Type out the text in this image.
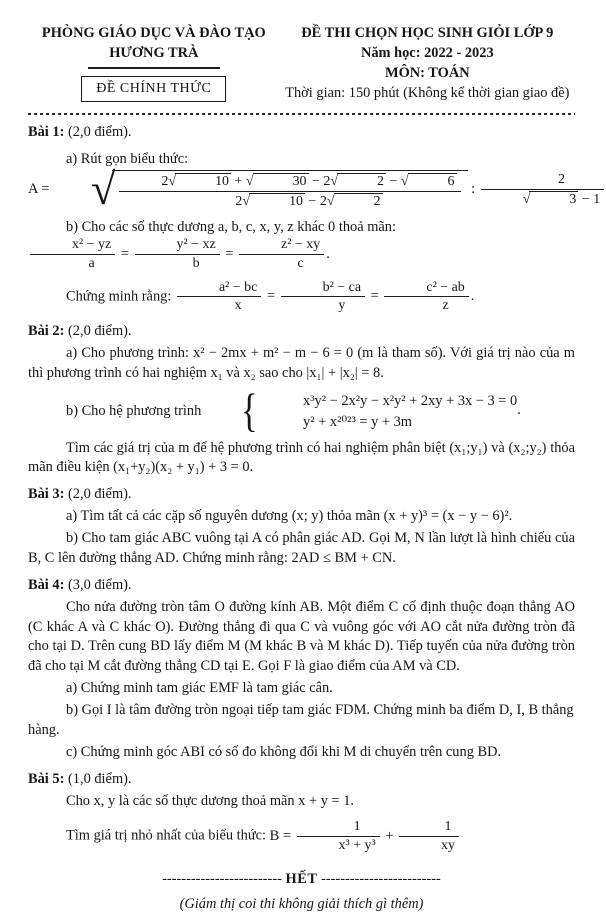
PHÒNG GIÁO DỤC VÀ ĐÀO TẠO

HƯƠNG TRÀ

ĐỀ CHÍNH THỨC

ĐỀ THI CHỌN HỌC SINH GIỎI LỚP 9

Năm học: 2022 - 2023

MÔN: TOÁN

Thời gian: 150 phút (Không kể thời gian giao đề)

Bài 1: (2,0 điểm).

a) Rút gọn biểu thức: A = √ 2√	10 + √	30 − 2√	2 − √	6
2√	10 − 2√	2 : 2
√	3 − 1

b) Cho các số thực dương a, b, c, x, y, z khác 0 thoả mãn:
$\frac{\text{x² − yz}}{a} = \frac{\text{y² − xz}}{b} = \frac{\text{z² − xy}}{c}$ .

Chứng minh rằng: $\frac{\text{a² − bc}}{x} = \frac{\text{b² − ca}}{y} = \frac{\text{c² − ab}}{z}$ .

Bài 2: (2,0 điểm).

a) Cho phương trình: x² − 2mx + m² − m − 6 = 0 (m là tham số). Với giá trị nào của m thì phương trình có hai nghiệm x₁ và x₂ sao cho |x₁| + |x₂| = 8.

b) Cho hệ phương trình {	x³y² − 2x²y − x²y² + 2xy + 3x − 3 = 0
y² + x²⁰²³ = y + 3m
.

Tìm các giá trị của m để hệ phương trình có hai nghiệm phân biệt (x₁;y₁) và (x₂;y₂) thỏa mãn điều kiện (x₁+y₂)(x₂ + y₁) + 3 = 0.

Bài 3: (2,0 điểm).

a) Tìm tất cả các cặp số nguyên dương (x; y) thỏa mãn (x + y)³ = (x − y − 6)².

b) Cho tam giác ABC vuông tại A có phân giác AD. Gọi M, N lần lượt là hình chiếu của B, C lên đường thẳng AD. Chứng minh rằng: 2AD ≤ BM + CN.

Bài 4: (3,0 điểm).

Cho nửa đường tròn tâm O đường kính AB. Một điểm C cố định thuộc đoạn thẳng AO (C khác A và C khác O). Đường thẳng đi qua C và vuông góc với AO cắt nửa đường tròn đã cho tại D. Trên cung BD lấy điểm M (M khác B và M khác D). Tiếp tuyến của nửa đường tròn đã cho tại M cắt đường thẳng CD tại E. Gọi F là giao điểm của AM và CD.

a) Chứng minh tam giác EMF là tam giác cân.

b) Gọi I là tâm đường tròn ngoại tiếp tam giác FDM. Chứng minh ba điểm D, I, B thẳng hàng.

c) Chứng minh góc ABI có số đo không đổi khi M di chuyển trên cung BD.

Bài 5: (1,0 điểm).

Cho x, y là các số thực dương thoả mãn x + y = 1.

Tìm giá trị nhỏ nhất của biểu thức: $B = \frac{1}{\text{x³ + y³}} + \frac{1}{xy}$

------------------------- HẾT -------------------------
(Giám thị coi thi không giải thích gì thêm)
